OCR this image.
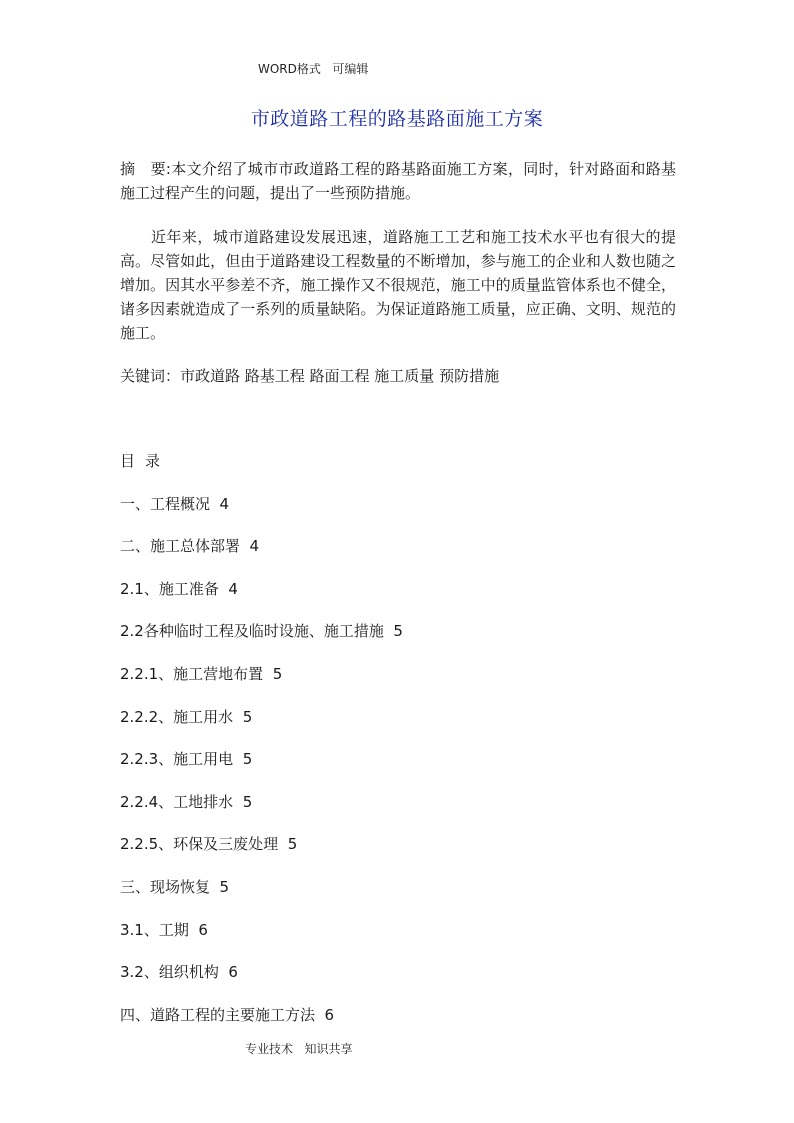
WORD格式   可编辑
市政道路工程的路基路面施工方案
摘　要:本文介绍了城市市政道路工程的路基路面施工方案，同时，针对路面和路基施工过程产生的问题，提出了一些预防措施。
近年来，城市道路建设发展迅速，道路施工工艺和施工技术水平也有很大的提高。尽管如此，但由于道路建设工程数量的不断增加，参与施工的企业和人数也随之增加。因其水平参差不齐，施工操作又不很规范，施工中的质量监管体系也不健全，诸多因素就造成了一系列的质量缺陷。为保证道路施工质量，应正确、文明、规范的施工。
关键词：市政道路 路基工程 路面工程 施工质量 预防措施
目录
一、工程概况  4
二、施工总体部署  4
2.1、施工准备  4
2.2各种临时工程及临时设施、施工措施  5
2.2.1、施工营地布置  5
2.2.2、施工用水  5
2.2.3、施工用电  5
2.2.4、工地排水  5
2.2.5、环保及三废处理  5
三、现场恢复  5
3.1、工期  6
3.2、组织机构  6
四、道路工程的主要施工方法  6
专业技术   知识共享
